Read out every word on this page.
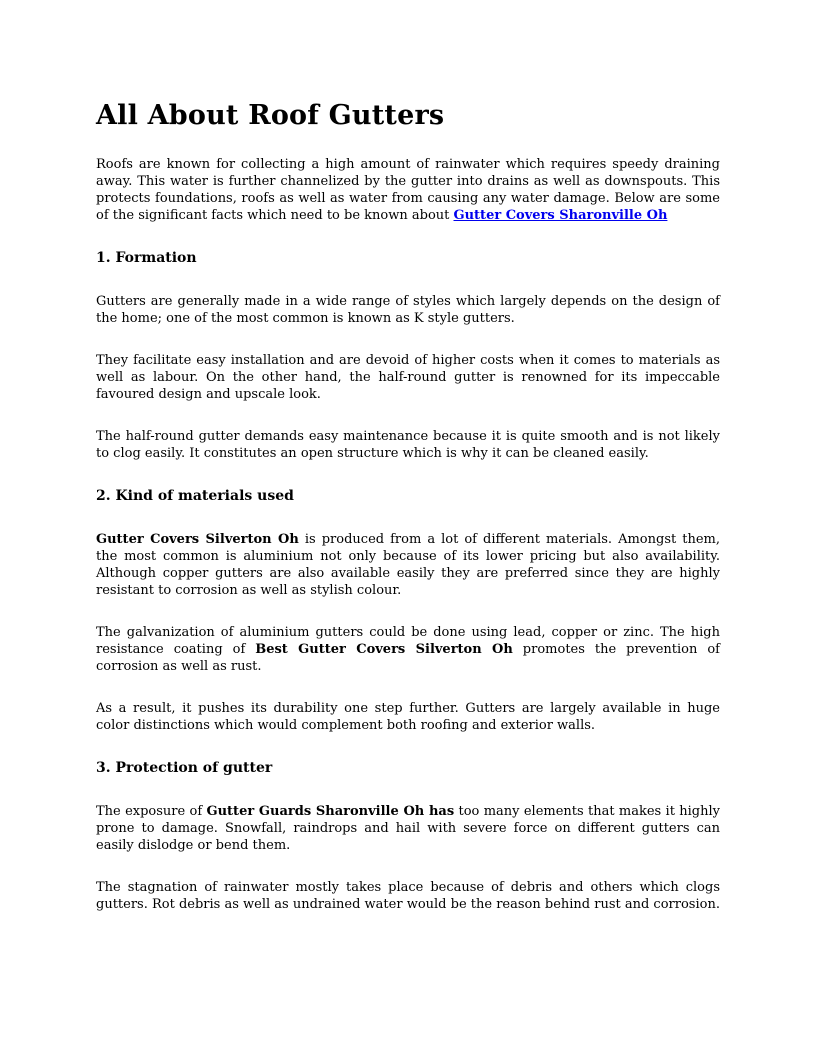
All About Roof Gutters

Roofs are known for collecting a high amount of rainwater which requires speedy draining away. This water is further channelized by the gutter into drains as well as downspouts. This protects foundations, roofs as well as water from causing any water damage. Below are some of the significant facts which need to be known about Gutter Covers Sharonville Oh

1. Formation

Gutters are generally made in a wide range of styles which largely depends on the design of the home; one of the most common is known as K style gutters.

They facilitate easy installation and are devoid of higher costs when it comes to materials as well as labour. On the other hand, the half-round gutter is renowned for its impeccable favoured design and upscale look.

The half-round gutter demands easy maintenance because it is quite smooth and is not likely to clog easily. It constitutes an open structure which is why it can be cleaned easily.

2. Kind of materials used

Gutter Covers Silverton Oh is produced from a lot of different materials. Amongst them, the most common is aluminium not only because of its lower pricing but also availability. Although copper gutters are also available easily they are preferred since they are highly resistant to corrosion as well as stylish colour.

The galvanization of aluminium gutters could be done using lead, copper or zinc. The high resistance coating of Best Gutter Covers Silverton Oh promotes the prevention of corrosion as well as rust.

As a result, it pushes its durability one step further. Gutters are largely available in huge color distinctions which would complement both roofing and exterior walls.

3. Protection of gutter

The exposure of Gutter Guards Sharonville Oh has too many elements that makes it highly prone to damage. Snowfall, raindrops and hail with severe force on different gutters can easily dislodge or bend them.

The stagnation of rainwater mostly takes place because of debris and others which clogs gutters. Rot debris as well as undrained water would be the reason behind rust and corrosion.
